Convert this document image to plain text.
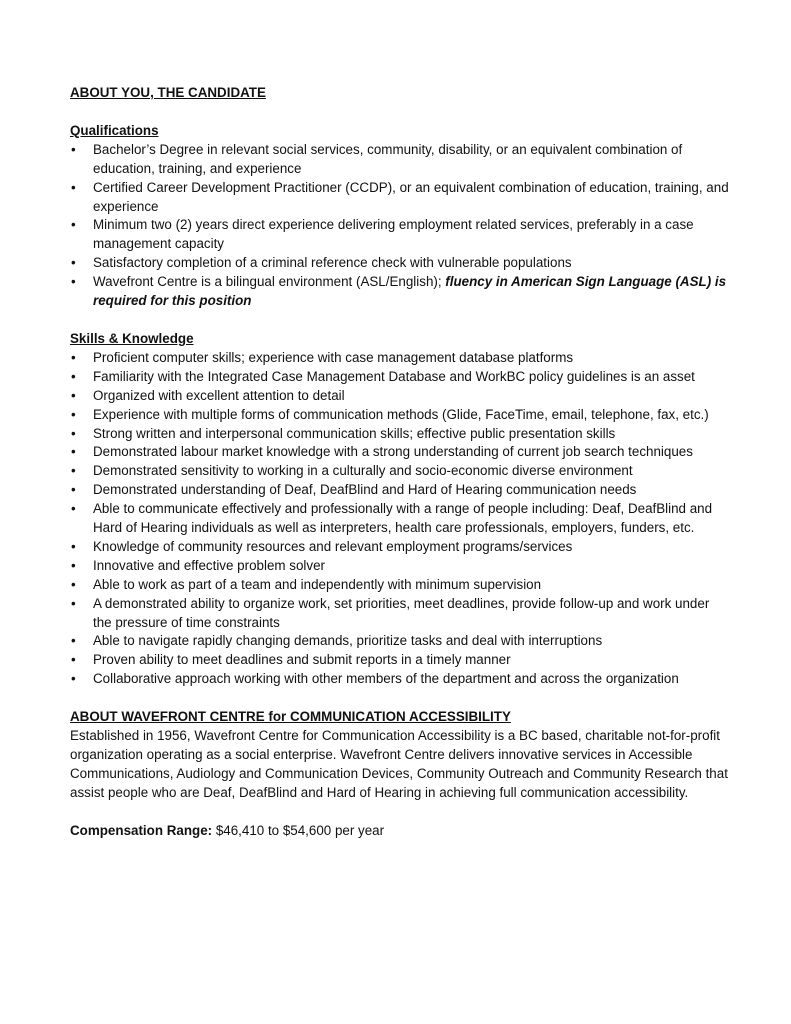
ABOUT YOU, THE CANDIDATE

Qualifications

• Bachelor’s Degree in relevant social services, community, disability, or an equivalent combination of education, training, and experience
• Certified Career Development Practitioner (CCDP), or an equivalent combination of education, training, and experience
• Minimum two (2) years direct experience delivering employment related services, preferably in a case management capacity
• Satisfactory completion of a criminal reference check with vulnerable populations
• Wavefront Centre is a bilingual environment (ASL/English); fluency in American Sign Language (ASL) is required for this position

Skills & Knowledge

• Proficient computer skills; experience with case management database platforms
• Familiarity with the Integrated Case Management Database and WorkBC policy guidelines is an asset
• Organized with excellent attention to detail
• Experience with multiple forms of communication methods (Glide, FaceTime, email, telephone, fax, etc.)
• Strong written and interpersonal communication skills; effective public presentation skills
• Demonstrated labour market knowledge with a strong understanding of current job search techniques
• Demonstrated sensitivity to working in a culturally and socio-economic diverse environment
• Demonstrated understanding of Deaf, DeafBlind and Hard of Hearing communication needs
• Able to communicate effectively and professionally with a range of people including: Deaf, DeafBlind and Hard of Hearing individuals as well as interpreters, health care professionals, employers, funders, etc.
• Knowledge of community resources and relevant employment programs/services
• Innovative and effective problem solver
• Able to work as part of a team and independently with minimum supervision
• A demonstrated ability to organize work, set priorities, meet deadlines, provide follow-up and work under the pressure of time constraints
• Able to navigate rapidly changing demands, prioritize tasks and deal with interruptions
• Proven ability to meet deadlines and submit reports in a timely manner
• Collaborative approach working with other members of the department and across the organization

ABOUT WAVEFRONT CENTRE for COMMUNICATION ACCESSIBILITY

Established in 1956, Wavefront Centre for Communication Accessibility is a BC based, charitable not-for-profit organization operating as a social enterprise. Wavefront Centre delivers innovative services in Accessible Communications, Audiology and Communication Devices, Community Outreach and Community Research that assist people who are Deaf, DeafBlind and Hard of Hearing in achieving full communication accessibility.

Compensation Range: $46,410 to $54,600 per year
